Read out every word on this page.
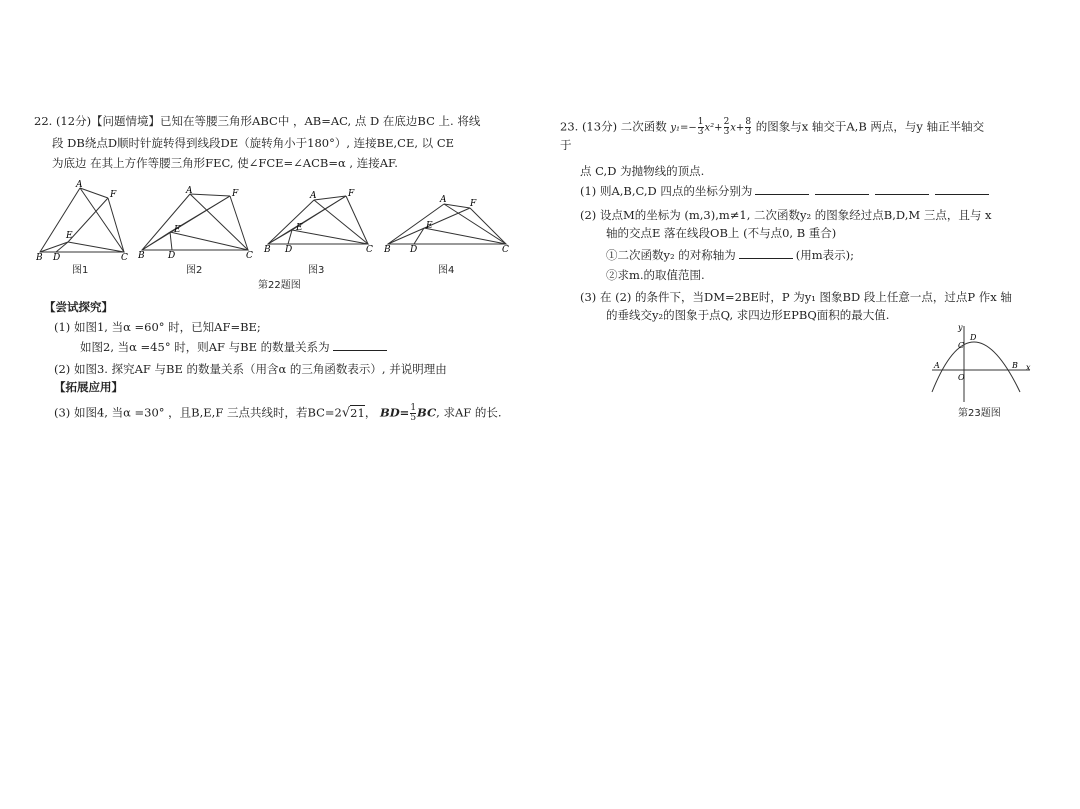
22. (12分)【问题情境】已知在等腰三角形ABC中 ，AB=AC, 点 D 在底边BC 上. 将线
段 DB绕点D顺时针旋转得到线段DE（旋转角小于180°）, 连接BE,CE, 以 CE
为底边 在其上方作等腰三角形FEC, 使∠FCE=∠ACB=α , 连接AF.
A
F
E
B D	C
图1
A	F
E
B	D	C
图2
A	F
E
B D	C
图3
A	F
E
B D	C
图4
第22题图
【尝试探究】
(1) 如图1, 当α =60° 时，已知AF=BE;
如图2, 当α =45° 时，则AF 与BE 的数量关系为
(2) 如图3. 探究AF 与BE 的数量关系（用含α 的三角函数表示）, 并说明理由
【拓展应用】
(3) 如图4, 当α =30° ，且B,E,F 三点共线时，若BC=2√21， $BD= \frac{1}{5}$ BC, 求AF 的长.
23. (13分) 二次函数 $y_1=- \frac{1}{3} x^2+ \frac{2}{3} x+ \frac{8}{3}$ 的图象与x 轴交于A,B 两点，与y 轴正半轴交
于
点 C,D 为抛物线的顶点.
(1) 则A,B,C,D 四点的坐标分别为
(2) 设点M的坐标为 (m,3),m≠1, 二次函数y₂ 的图象经过点B,D,M 三点，且与 x
轴的交点E 落在线段OB上 (不与点0, B 重合)
①二次函数y₂ 的对称轴为	(用m表示);
②求m.的取值范围.
(3) 在 (2) 的条件下，当DM=2BE时，P 为y₁ 图象BD 段上任意一点，过点P 作x 轴
的垂线交y₂的图象于点Q, 求四边形EPBQ面积的最大值.
y
x
C
D
A	B
O
第23题图
